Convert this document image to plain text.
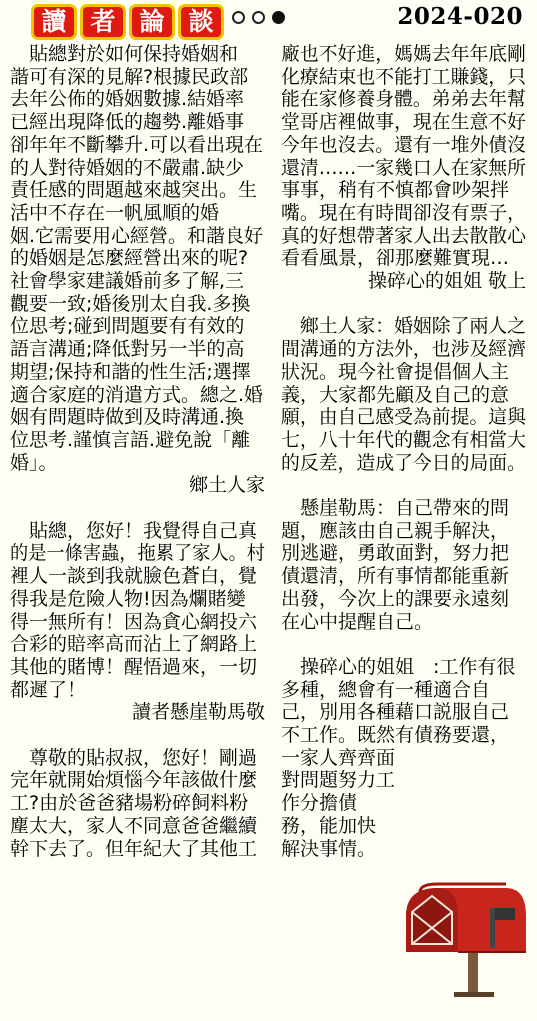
讀 者 論 談	2024-020
　貼總對於如何保持婚姻和
諧可有深的見解?根據民政部
去年公佈的婚姻數據.結婚率
已經出現降低的趨勢.離婚事
卻年年不斷攀升.可以看出現在
的人對待婚姻的不嚴肅.缺少
責任感的問題越來越突出。生
活中不存在一帆風順的婚
姻.它需要用心經營。和諧良好
的婚姻是怎麼經營出來的呢?
社會學家建議婚前多了解,三
觀要一致;婚後別太自我.多換
位思考;碰到問題要有有效的
語言溝通;降低對另一半的高
期望;保持和諧的性生活;選擇
適合家庭的消遣方式。總之.婚
姻有問題時做到及時溝通.換
位思考.謹慎言語.避免說「離
婚」。
鄉土人家
　貼總，您好！我覺得自己真
的是一條害蟲，拖累了家人。村
裡人一談到我就臉色蒼白，覺
得我是危險人物!因為爛賭變
得一無所有！因為貪心網投六
合彩的賠率高而沾上了網路上
其他的賭博！醒悟過來，一切
都遲了！
讀者懸崖勒馬敬
　尊敬的貼叔叔，您好！剛過
完年就開始煩惱今年該做什麼
工?由於爸爸豬場粉碎飼料粉
塵太大，家人不同意爸爸繼續
幹下去了。但年紀大了其他工
廠也不好進，媽媽去年年底剛
化療結束也不能打工賺錢，只
能在家修養身體。弟弟去年幫
堂哥店裡做事，現在生意不好
今年也沒去。還有一堆外債沒
還清……一家幾口人在家無所
事事，稍有不慎都會吵架拌
嘴。現在有時間卻沒有票子，
真的好想帶著家人出去散散心
看看風景，卻那麼難實現…
操碎心的姐姐 敬上
　鄉土人家：婚姻除了兩人之
間溝通的方法外，也涉及經濟
狀況。現今社會提倡個人主
義，大家都先顧及自己的意
願，由自己感受為前提。這與
七，八十年代的觀念有相當大
的反差，造成了今日的局面。
　懸崖勒馬：自己帶來的問
題，應該由自己親手解決，
別逃避，勇敢面對，努力把
債還清，所有事情都能重新
出發，今次上的課要永遠刻
在心中提醒自己。
　操碎心的姐姐　:工作有很
多種，總會有一種適合自
己，別用各種藉口説服自己
不工作。既然有債務要還，
一家人齊齊面
對問題努力工
作分擔債
務，能加快
解決事情。
